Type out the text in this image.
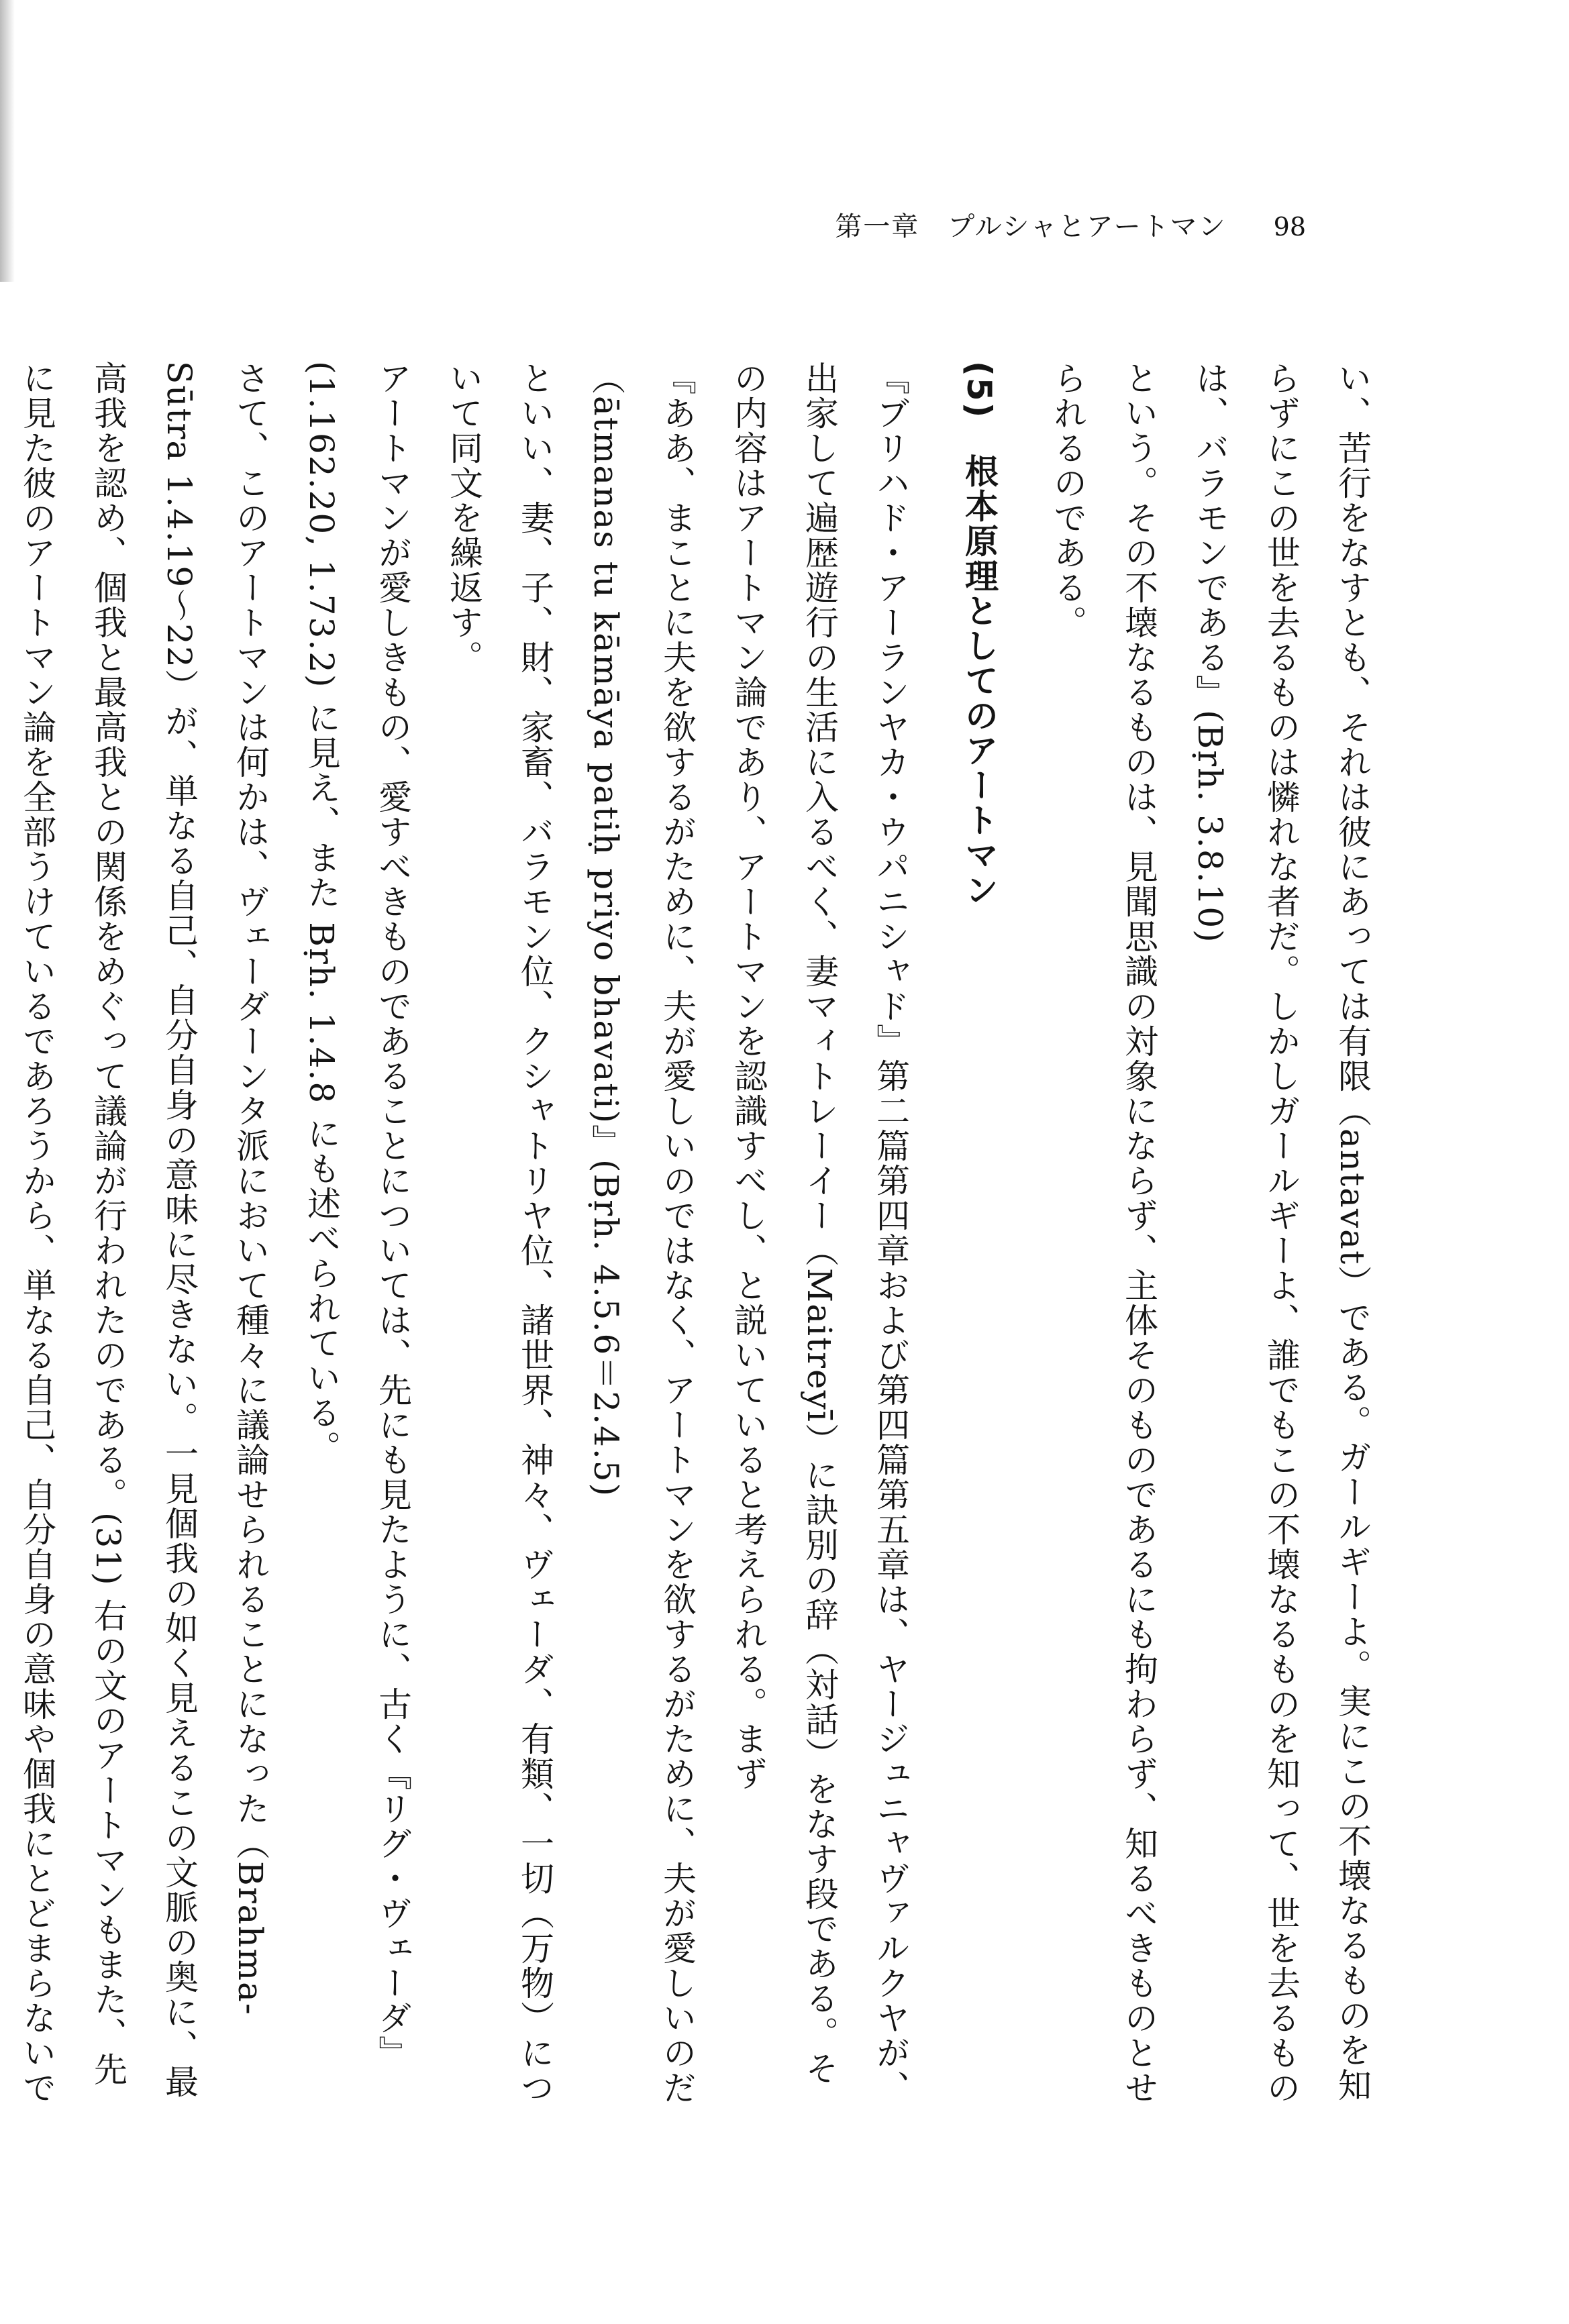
第一章　プルシャとアートマン 98

い、苦行をなすとも、それは彼にあっては有限（antavat）である。ガールギーよ。実にこの不壊なるものを知らずにこの世を去るものは憐れな者だ。しかしガールギーよ、誰でもこの不壊なるものを知って、世を去るものは、バラモンである』(Bṛh. 3.8.10)

という。その不壊なるものは、見聞思識の対象にならず、主体そのものであるにも拘わらず、知るべきものとせられるのである。

(5)　根本原理としてのアートマン

『ブリハド・アーランヤカ・ウパニシャド』第二篇第四章および第四篇第五章は、ヤージュニャヴァルクヤが、出家して遍歴遊行の生活に入るべく、妻マィトレーイー（Maitreyī）に訣別の辞（対話）をなす段である。その内容はアートマン論であり、アートマンを認識すべし、と説いていると考えられる。まず

『ああ、まことに夫を欲するがために、夫が愛しいのではなく、アートマンを欲するがために、夫が愛しいのだ（ātmanas tu kāmāya patiḥ priyo bhavati)』(Bṛh. 4.5.6＝2.4.5)

といい、妻、子、財、家畜、バラモン位、クシャトリヤ位、諸世界、神々、ヴェーダ、有類、一切（万物）について同文を繰返す。

アートマンが愛しきもの、愛すべきものであることについては、先にも見たように、古く『リグ・ヴェーダ』(1.162.20, 1.73.2) に見え、また Bṛh. 1.4.8 にも述べられている。

さて、このアートマンは何かは、ヴェーダーンタ派において種々に議論せられることになった（Brahma-Sūtra 1.4.19〜22）が、単なる自己、自分自身の意味に尽きない。一見個我の如く見えるこの文脈の奥に、最高我を認め、個我と最高我との関係をめぐって議論が行われたのである。(31) 右の文のアートマンもまた、先に見た彼のアートマン論を全部うけているであろうから、単なる自己、自分自身の意味や個我にとどまらないで
